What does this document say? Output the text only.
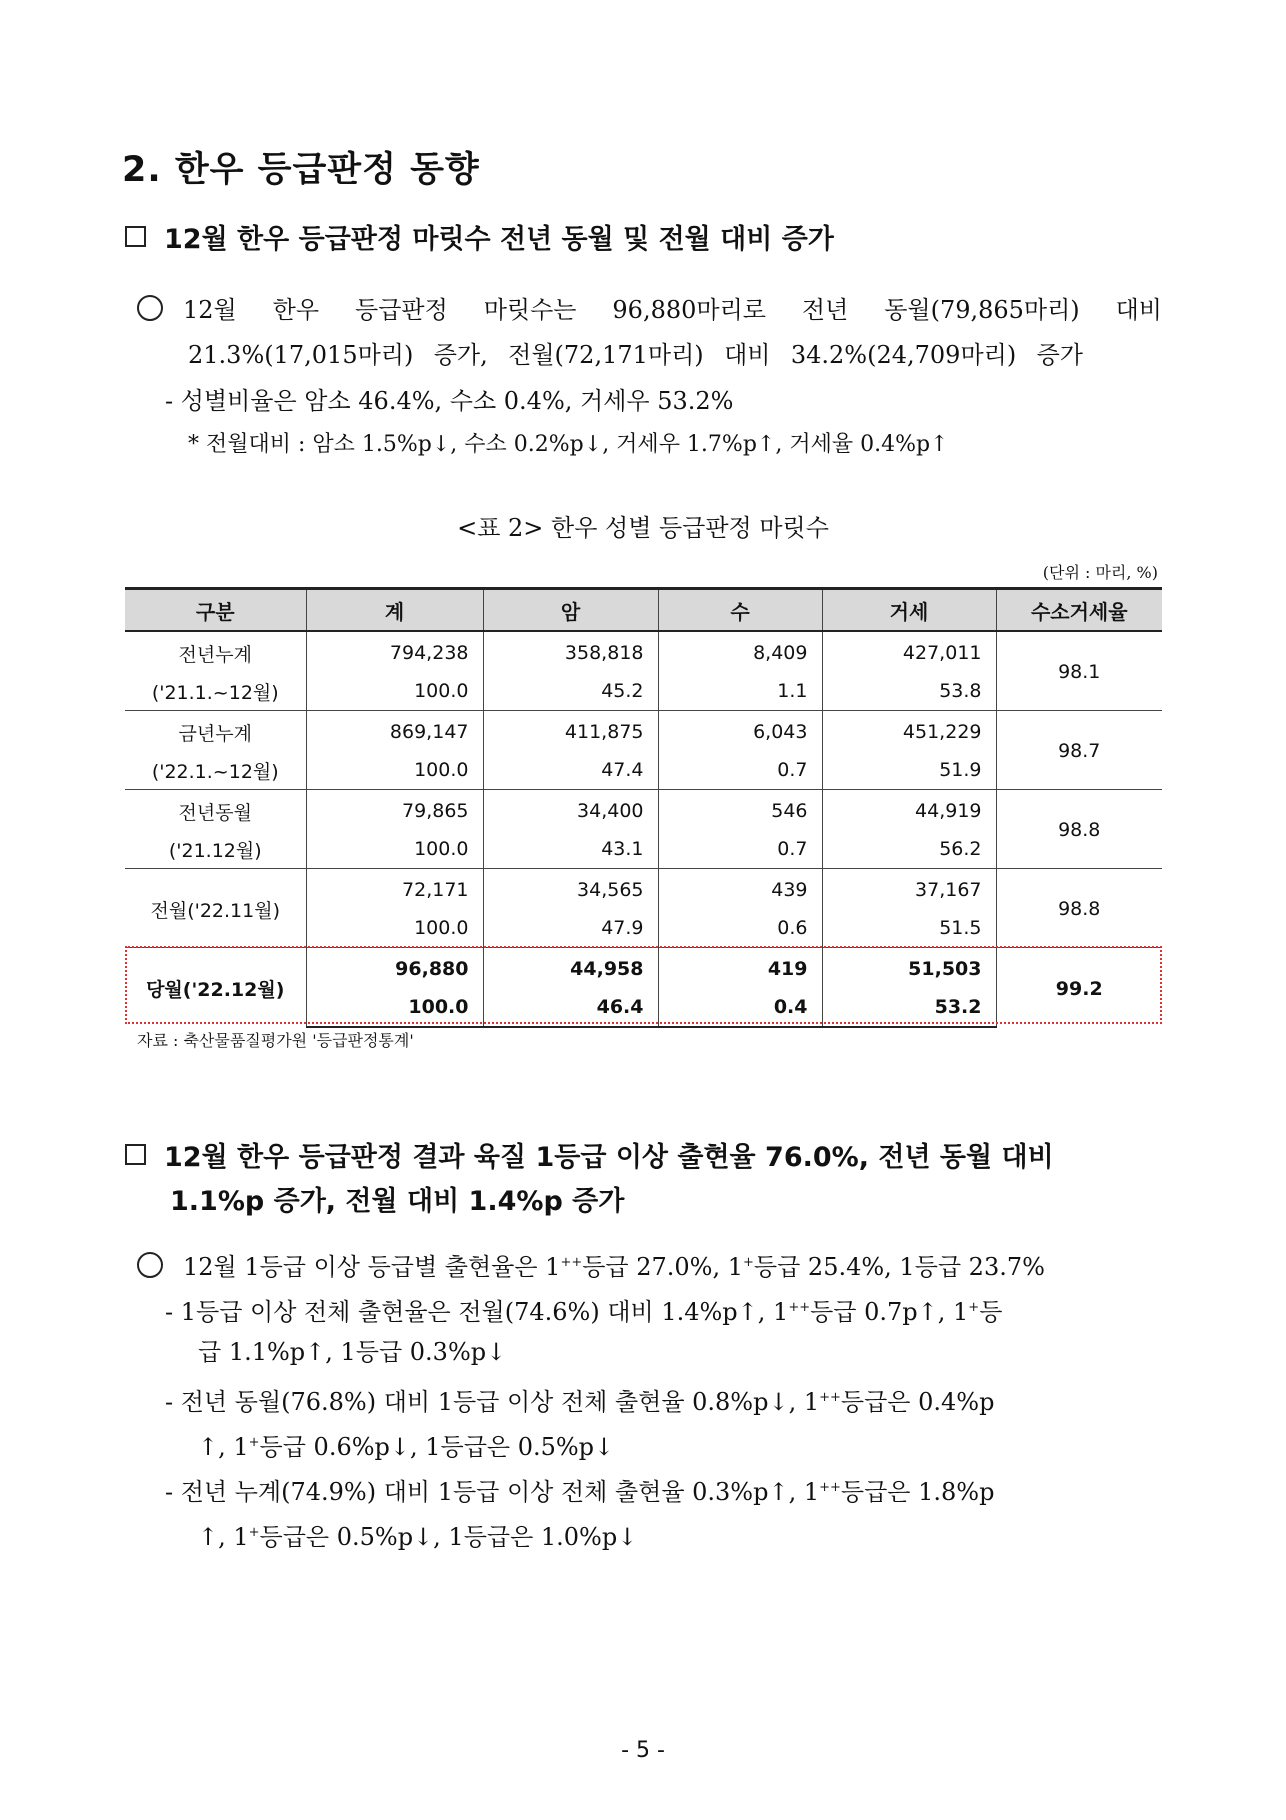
2. 한우 등급판정 동향
12월 한우 등급판정 마릿수 전년 동월 및 전월 대비 증가
12월 한우 등급판정 마릿수는 96,880마리로 전년 동월(79,865마리) 대비
21.3%(17,015마리) 증가, 전월(72,171마리) 대비 34.2%(24,709마리) 증가
- 성별비율은 암소 46.4%, 수소 0.4%, 거세우 53.2%
* 전월대비 : 암소 1.5%p↓, 수소 0.2%p↓, 거세우 1.7%p↑, 거세율 0.4%p↑
<표 2> 한우 성별 등급판정 마릿수
(단위 : 마리, %)
구분	계	암	수	거세	수소거세율
전년누계	794,238	358,818	8,409	427,011	98.1
('21.1.~12월)	100.0	45.2	1.1	53.8	
금년누계	869,147	411,875	6,043	451,229	98.7
('22.1.~12월)	100.0	47.4	0.7	51.9	
전년동월	79,865	34,400	546	44,919	98.8
('21.12월)	100.0	43.1	0.7	56.2	
전월('22.11월)	72,171	34,565	439	37,167	98.8
	100.0	47.9	0.6	51.5	
당월('22.12월)	96,880	44,958	419	51,503	99.2
	100.0	46.4	0.4	53.2	
자료 : 축산물품질평가원 '등급판정통계'
12월 한우 등급판정 결과 육질 1등급 이상 출현율 76.0%, 전년 동월 대비
1.1%p 증가, 전월 대비 1.4%p 증가
12월 1등급 이상 등급별 출현율은 1++등급 27.0%, 1+등급 25.4%, 1등급 23.7%
- 1등급 이상 전체 출현율은 전월(74.6%) 대비 1.4%p↑, 1++등급 0.7p↑, 1+등
급 1.1%p↑, 1등급 0.3%p↓
- 전년 동월(76.8%) 대비 1등급 이상 전체 출현율 0.8%p↓, 1++등급은 0.4%p
↑, 1+등급 0.6%p↓, 1등급은 0.5%p↓
- 전년 누계(74.9%) 대비 1등급 이상 전체 출현율 0.3%p↑, 1++등급은 1.8%p
↑, 1+등급은 0.5%p↓, 1등급은 1.0%p↓
- 5 -
